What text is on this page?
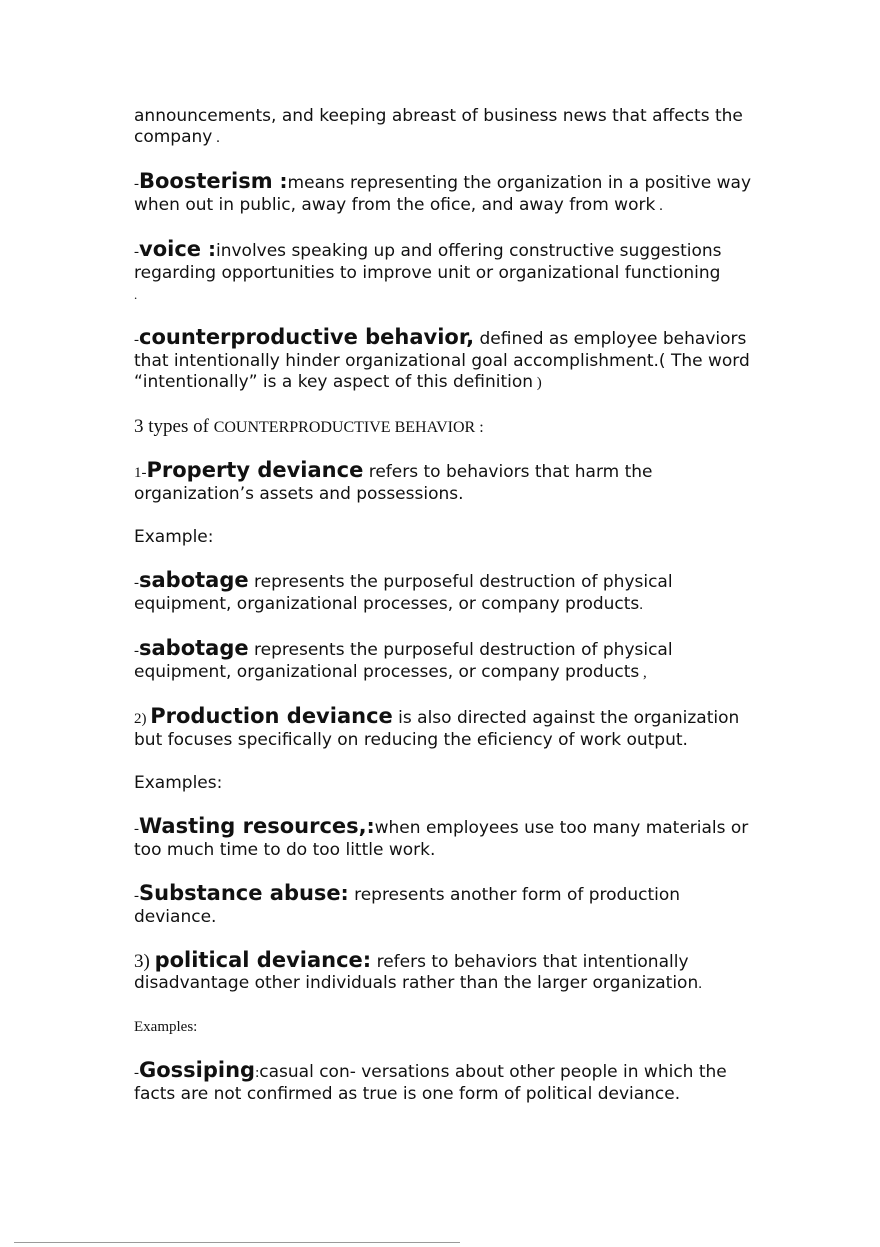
announcements, and keeping abreast of business news that affects the company .

-Boosterism :means representing the organization in a positive way when out in public, away from the oﬁce, and away from work .

-voice :involves speaking up and offering constructive suggestions regarding opportunities to improve unit or organizational functioning
.

-counterproductive behavior, defined as employee behaviors that intentionally hinder organizational goal accomplishment.( The word “intentionally” is a key aspect of this definition )

3 types of COUNTERPRODUCTIVE BEHAVIOR :

1-Property deviance refers to behaviors that harm the organization’s assets and possessions.

Example:

-sabotage represents the purposeful destruction of physical equipment, organizational processes, or company products.

-sabotage represents the purposeful destruction of physical equipment, organizational processes, or company products ,

2) Production deviance is also directed against the organization but focuses specifically on reducing the eﬁciency of work output.

Examples:

-Wasting resources,:when employees use too many materials or too much time to do too little work.

-Substance abuse: represents another form of production deviance.

3) political deviance: refers to behaviors that intentionally disadvantage other individuals rather than the larger organization.

Examples:

-Gossiping:casual con- versations about other people in which the facts are not confirmed as true is one form of political deviance.
